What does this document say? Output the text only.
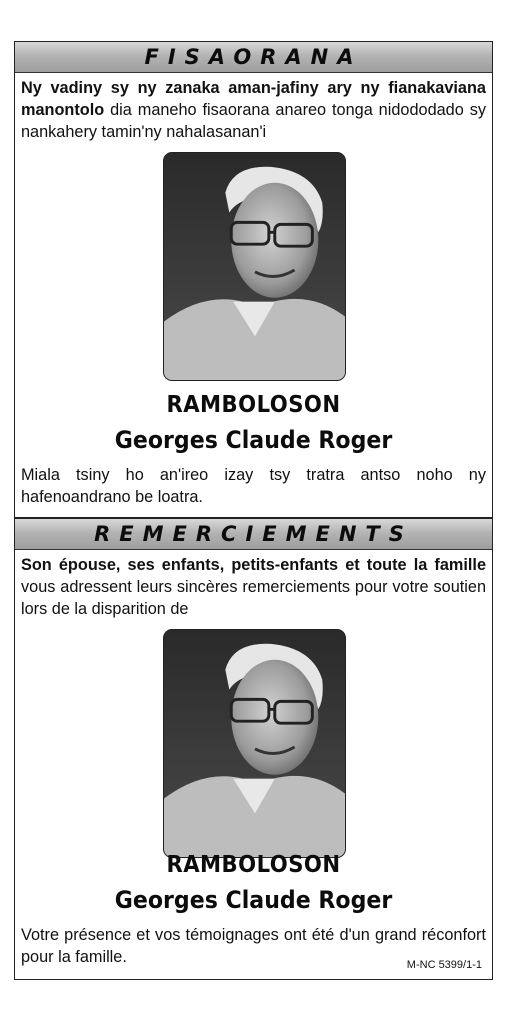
FISAORANA
Ny vadiny sy ny zanaka aman-jafiny ary ny fianakaviana manontolo dia maneho fisaorana anareo tonga nidododado sy nankahery tamin'ny nahalasanan'i
RAMBOLOSON
Georges Claude Roger
Miala tsiny ho an'ireo izay tsy tratra antso noho ny hafenoandrano be loatra.
REMERCIEMENTS
Son épouse, ses enfants, petits-enfants et toute la famille vous adressent leurs sincères remerciements pour votre soutien lors de la disparition de
RAMBOLOSON
Georges Claude Roger
Votre présence et vos témoignages ont été d'un grand réconfort pour la famille.	M-NC 5399/1-1
